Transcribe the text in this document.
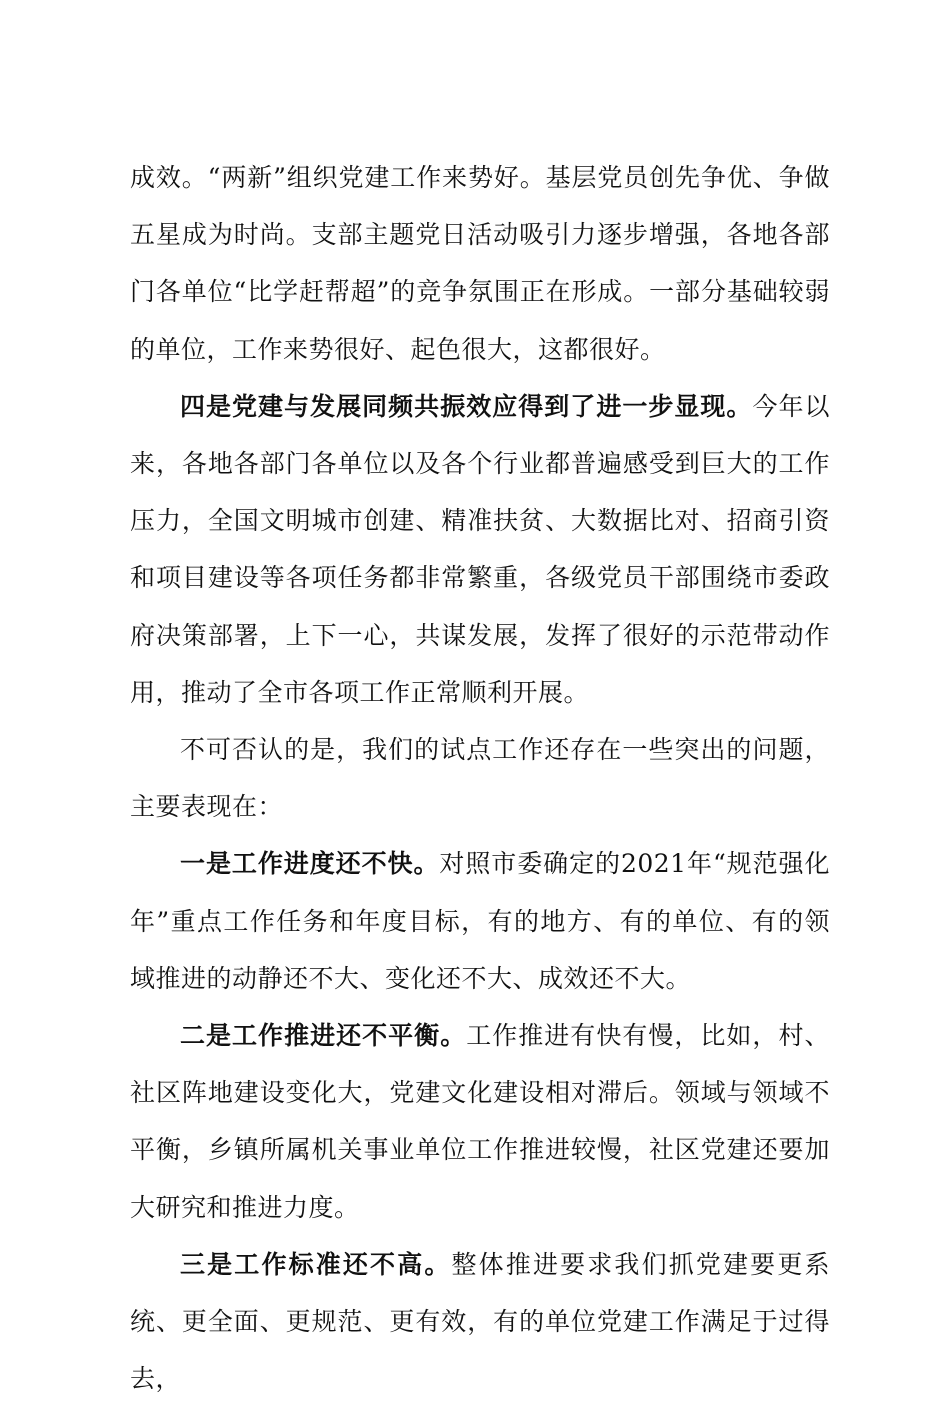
成效。“两新”组织党建工作来势好。基层党员创先争优、争做五星成为时尚。支部主题党日活动吸引力逐步增强，各地各部门各单位“比学赶帮超”的竞争氛围正在形成。一部分基础较弱的单位，工作来势很好、起色很大，这都很好。

四是党建与发展同频共振效应得到了进一步显现。今年以来，各地各部门各单位以及各个行业都普遍感受到巨大的工作压力，全国文明城市创建、精准扶贫、大数据比对、招商引资和项目建设等各项任务都非常繁重，各级党员干部围绕市委政府决策部署，上下一心，共谋发展，发挥了很好的示范带动作用，推动了全市各项工作正常顺利开展。

不可否认的是，我们的试点工作还存在一些突出的问题，主要表现在：

一是工作进度还不快。对照市委确定的2021年“规范强化年”重点工作任务和年度目标，有的地方、有的单位、有的领域推进的动静还不大、变化还不大、成效还不大。

二是工作推进还不平衡。工作推进有快有慢，比如，村、社区阵地建设变化大，党建文化建设相对滞后。领域与领域不平衡，乡镇所属机关事业单位工作推进较慢，社区党建还要加大研究和推进力度。

三是工作标准还不高。整体推进要求我们抓党建要更系统、更全面、更规范、更有效，有的单位党建工作满足于过得去，
